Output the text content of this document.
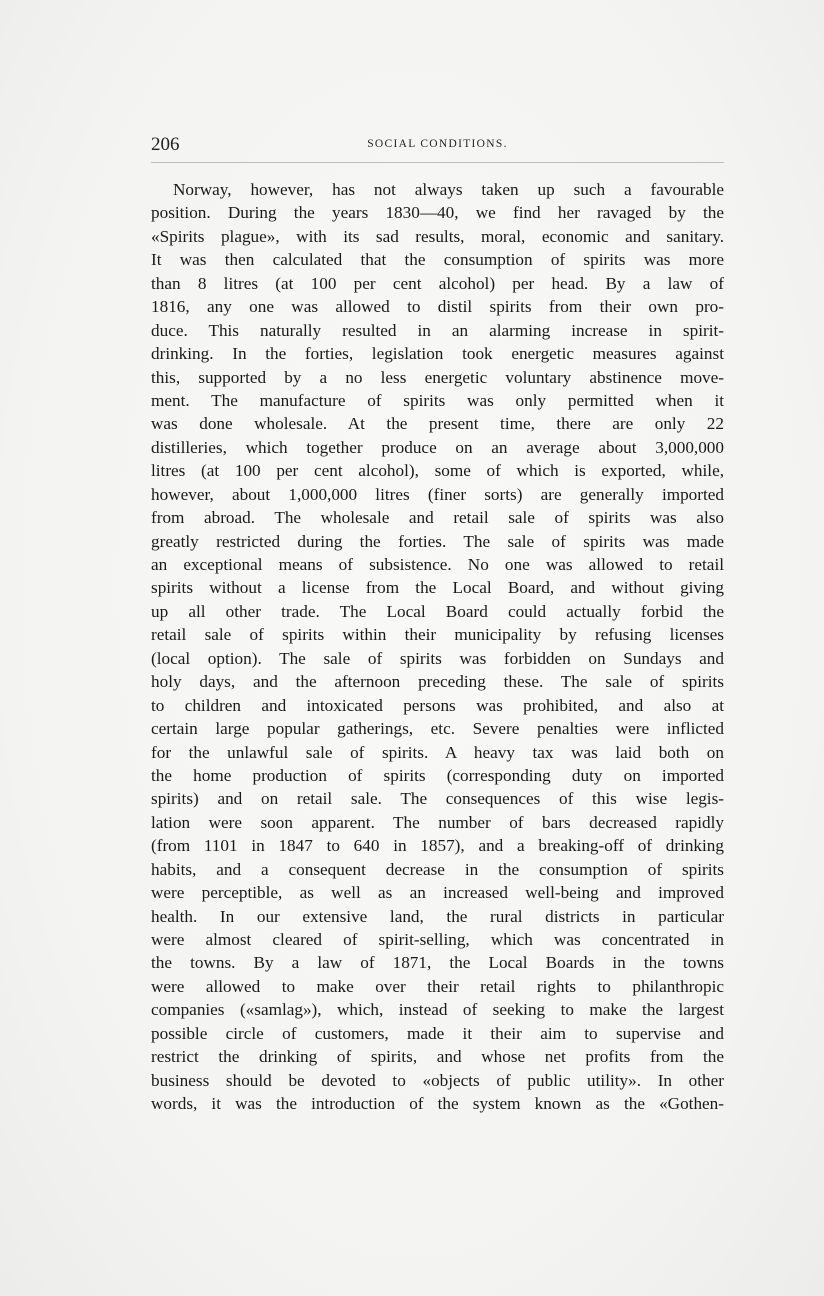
206	SOCIAL CONDITIONS.
Norway, however, has not always taken up such a favourable
position. During the years 1830—40, we find her ravaged by the
«Spirits plague», with its sad results, moral, economic and sanitary.
It was then calculated that the consumption of spirits was more
than 8 litres (at 100 per cent alcohol) per head. By a law of
1816, any one was allowed to distil spirits from their own pro-
duce. This naturally resulted in an alarming increase in spirit-
drinking. In the forties, legislation took energetic measures against
this, supported by a no less energetic voluntary abstinence move-
ment. The manufacture of spirits was only permitted when it
was done wholesale. At the present time, there are only 22
distilleries, which together produce on an average about 3,000,000
litres (at 100 per cent alcohol), some of which is exported, while,
however, about 1,000,000 litres (finer sorts) are generally imported
from abroad. The wholesale and retail sale of spirits was also
greatly restricted during the forties. The sale of spirits was made
an exceptional means of subsistence. No one was allowed to retail
spirits without a license from the Local Board, and without giving
up all other trade. The Local Board could actually forbid the
retail sale of spirits within their municipality by refusing licenses
(local option). The sale of spirits was forbidden on Sundays and
holy days, and the afternoon preceding these. The sale of spirits
to children and intoxicated persons was prohibited, and also at
certain large popular gatherings, etc. Severe penalties were inflicted
for the unlawful sale of spirits. A heavy tax was laid both on
the home production of spirits (corresponding duty on imported
spirits) and on retail sale. The consequences of this wise legis-
lation were soon apparent. The number of bars decreased rapidly
(from 1101 in 1847 to 640 in 1857), and a breaking-off of drinking
habits, and a consequent decrease in the consumption of spirits
were perceptible, as well as an increased well-being and improved
health. In our extensive land, the rural districts in particular
were almost cleared of spirit-selling, which was concentrated in
the towns. By a law of 1871, the Local Boards in the towns
were allowed to make over their retail rights to philanthropic
companies («samlag»), which, instead of seeking to make the largest
possible circle of customers, made it their aim to supervise and
restrict the drinking of spirits, and whose net profits from the
business should be devoted to «objects of public utility». In other
words, it was the introduction of the system known as the «Gothen-
